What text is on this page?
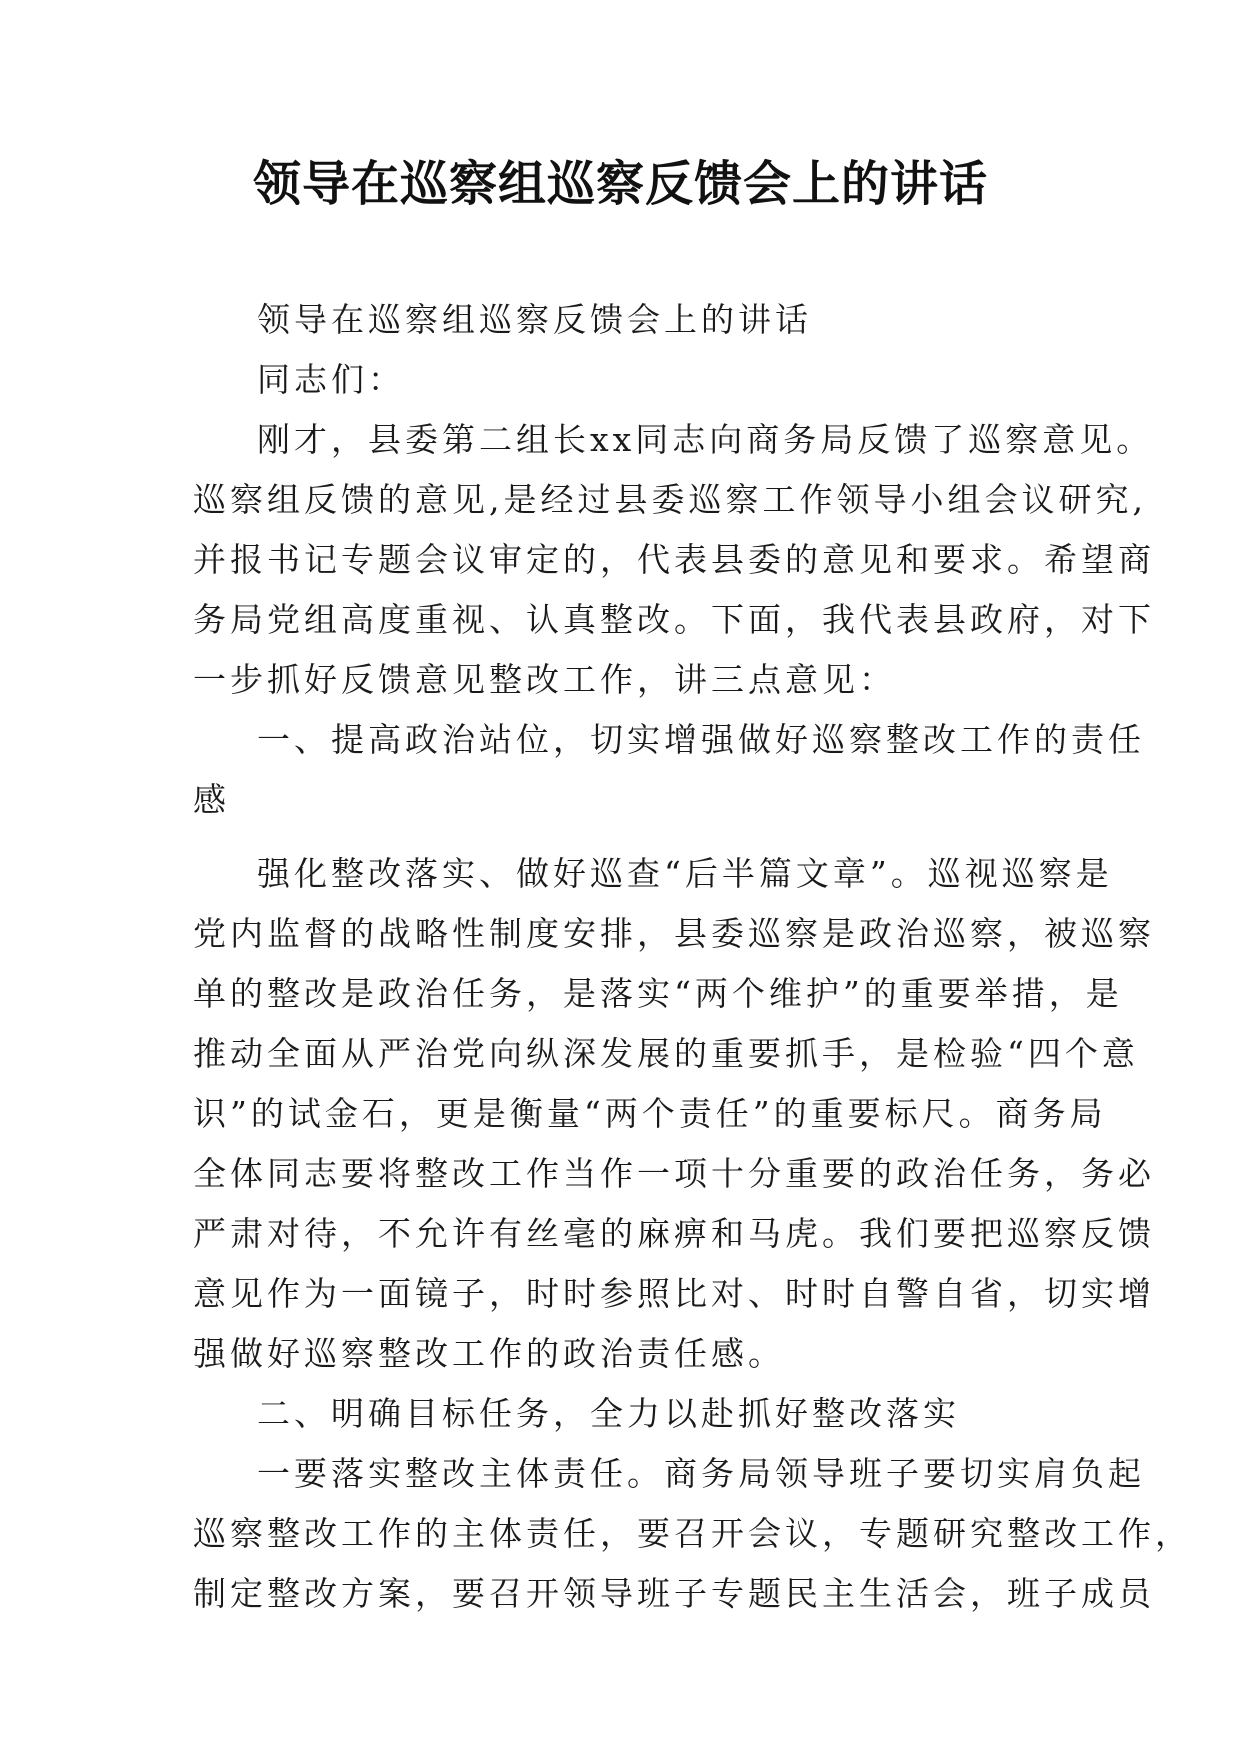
领导在巡察组巡察反馈会上的讲话
领导在巡察组巡察反馈会上的讲话
同志们：
刚才，县委第二组长xx同志向商务局反馈了巡察意见。
巡察组反馈的意见,是经过县委巡察工作领导小组会议研究,
并报书记专题会议审定的，代表县委的意见和要求。希望商
务局党组高度重视、认真整改。下面，我代表县政府，对下
一步抓好反馈意见整改工作，讲三点意见：
一、提高政治站位，切实增强做好巡察整改工作的责任
感
强化整改落实、做好巡查“后半篇文章”。巡视巡察是
党内监督的战略性制度安排，县委巡察是政治巡察，被巡察
单的整改是政治任务，是落实“两个维护”的重要举措，是
推动全面从严治党向纵深发展的重要抓手，是检验“四个意
识”的试金石，更是衡量“两个责任”的重要标尺。商务局
全体同志要将整改工作当作一项十分重要的政治任务，务必
严肃对待，不允许有丝毫的麻痹和马虎。我们要把巡察反馈
意见作为一面镜子，时时参照比对、时时自警自省，切实增
强做好巡察整改工作的政治责任感。
二、明确目标任务，全力以赴抓好整改落实
一要落实整改主体责任。商务局领导班子要切实肩负起
巡察整改工作的主体责任，要召开会议，专题研究整改工作，
制定整改方案，要召开领导班子专题民主生活会，班子成员
